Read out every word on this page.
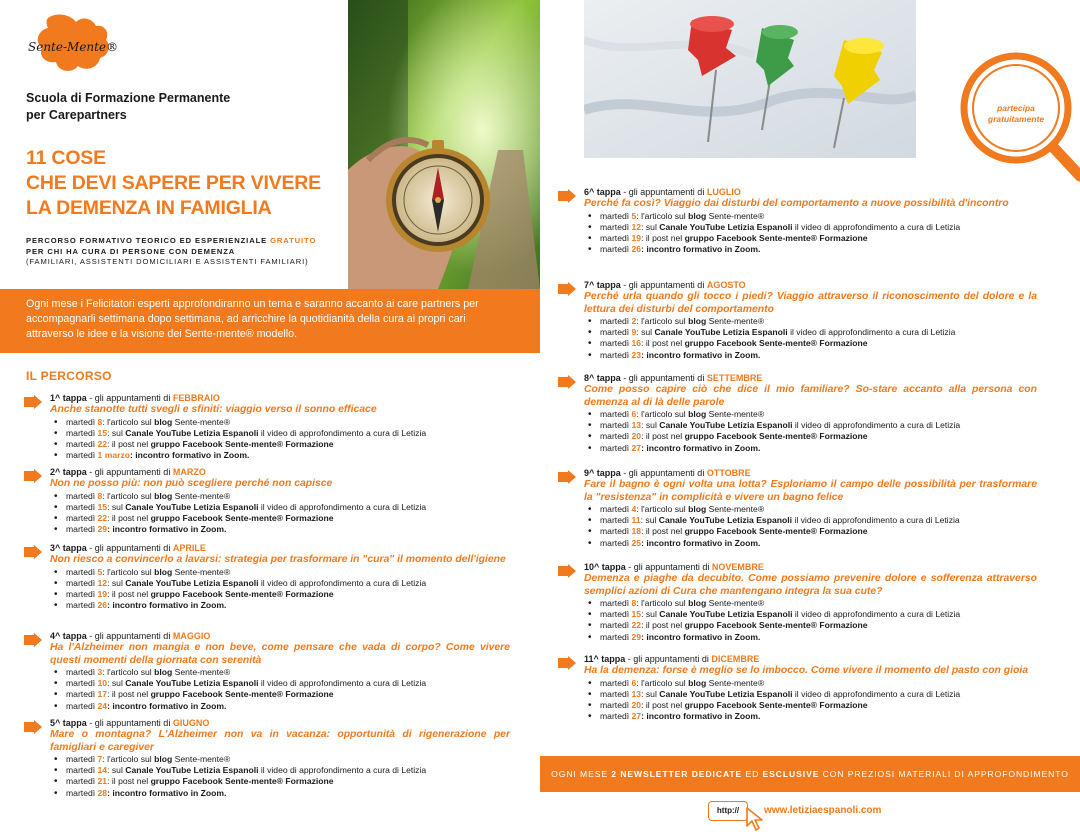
Sente-Mente®
Scuola di Formazione Permanente
per Carepartners
11 COSE
CHE DEVI SAPERE PER VIVERE
LA DEMENZA IN FAMIGLIA
PERCORSO FORMATIVO TEORICO ED ESPERIENZIALE GRATUITO
PER CHI HA CURA DI PERSONE CON DEMENZA
(FAMILIARI, ASSISTENTI DOMICILIARI E ASSISTENTI FAMILIARI)
Ogni mese i Felicitatori esperti approfondiranno un tema e saranno accanto ai care partners per accompagnarli settimana dopo settimana, ad arricchire la quotidianità della cura ai propri cari attraverso le idee e la visione dei Sente-mente® modello.
IL PERCORSO
1^ tappa - gli appuntamenti di FEBBRAIO
Anche stanotte tutti svegli e sfiniti: viaggio verso il sonno efficace
• martedì 8: l'articolo sul blog Sente-mente®
• martedì 15: sul Canale YouTube Letizia Espanoli il video di approfondimento a cura di Letizia
• martedì 22: il post nel gruppo Facebook Sente-mente® Formazione
• martedì 1 marzo: incontro formativo in Zoom.
2^ tappa - gli appuntamenti di MARZO
Non ne posso più: non può scegliere perché non capisce
• martedì 8: l'articolo sul blog Sente-mente®
• martedì 15: sul Canale YouTube Letizia Espanoli il video di approfondimento a cura di Letizia
• martedì 22: il post nel gruppo Facebook Sente-mente® Formazione
• martedì 29: incontro formativo in Zoom.
3^ tappa - gli appuntamenti di APRILE
Non riesco a convincerlo a lavarsi: strategia per trasformare in "cura" il momento dell'igiene
• martedì 5: l'articolo sul blog Sente-mente®
• martedì 12: sul Canale YouTube Letizia Espanoli il video di approfondimento a cura di Letizia
• martedì 19: il post nel gruppo Facebook Sente-mente® Formazione
• martedì 26: incontro formativo in Zoom.
4^ tappa - gli appuntamenti di MAGGIO
Ha l'Alzheimer non mangia e non beve, come pensare che vada di corpo? Come vivere questi momenti della giornata con serenità
• martedì 3: l'articolo sul blog Sente-mente®
• martedì 10: sul Canale YouTube Letizia Espanoli il video di approfondimento a cura di Letizia
• martedì 17: il post nel gruppo Facebook Sente-mente® Formazione
• martedì 24: incontro formativo in Zoom.
5^ tappa - gli appuntamenti di GIUGNO
Mare o montagna? L'Alzheimer non va in vacanza: opportunità di rigenerazione per famigliari e caregiver
• martedì 7: l'articolo sul blog Sente-mente®
• martedì 14: sul Canale YouTube Letizia Espanoli il video di approfondimento a cura di Letizia
• martedì 21: il post nel gruppo Facebook Sente-mente® Formazione
• martedì 28: incontro formativo in Zoom.
partecipa
gratuitamente
6^ tappa - gli appuntamenti di LUGLIO
Perché fa così? Viaggio dai disturbi del comportamento a nuove possibilità d'incontro
• martedì 5: l'articolo sul blog Sente-mente®
• martedì 12: sul Canale YouTube Letizia Espanoli il video di approfondimento a cura di Letizia
• martedì 19: il post nel gruppo Facebook Sente-mente® Formazione
• martedì 26: incontro formativo in Zoom.
7^ tappa - gli appuntamenti di AGOSTO
Perché urla quando gli tocco i piedi? Viaggio attraverso il riconoscimento del dolore e la lettura dei disturbi del comportamento
• martedì 2: l'articolo sul blog Sente-mente®
• martedì 9: sul Canale YouTube Letizia Espanoli il video di approfondimento a cura di Letizia
• martedì 16: il post nel gruppo Facebook Sente-mente® Formazione
• martedì 23: incontro formativo in Zoom.
8^ tappa - gli appuntamenti di SETTEMBRE
Come posso capire ciò che dice il mio familiare? So-stare accanto alla persona con demenza al di là delle parole
• martedì 6: l'articolo sul blog Sente-mente®
• martedì 13: sul Canale YouTube Letizia Espanoli il video di approfondimento a cura di Letizia
• martedì 20: il post nel gruppo Facebook Sente-mente® Formazione
• martedì 27: incontro formativo in Zoom.
9^ tappa - gli appuntamenti di OTTOBRE
Fare il bagno è ogni volta una lotta? Esploriamo il campo delle possibilità per trasformare la "resistenza" in complicità e vivere un bagno felice
• martedì 4: l'articolo sul blog Sente-mente®
• martedì 11: sul Canale YouTube Letizia Espanoli il video di approfondimento a cura di Letizia
• martedì 18: il post nel gruppo Facebook Sente-mente® Formazione
• martedì 25: incontro formativo in Zoom.
10^ tappa - gli appuntamenti di NOVEMBRE
Demenza e piaghe da decubito. Come possiamo prevenire dolore e sofferenza attraverso semplici azioni di Cura che mantengano integra la sua cute?
• martedì 8: l'articolo sul blog Sente-mente®
• martedì 15: sul Canale YouTube Letizia Espanoli il video di approfondimento a cura di Letizia
• martedì 22: il post nel gruppo Facebook Sente-mente® Formazione
• martedì 29: incontro formativo in Zoom.
11^ tappa - gli appuntamenti di DICEMBRE
Ha la demenza: forse è meglio se lo imbocco. Come vivere il momento del pasto con gioia
• martedì 6: l'articolo sul blog Sente-mente®
• martedì 13: sul Canale YouTube Letizia Espanoli il video di approfondimento a cura di Letizia
• martedì 20: il post nel gruppo Facebook Sente-mente® Formazione
• martedì 27: incontro formativo in Zoom.
OGNI MESE 2 NEWSLETTER DEDICATE ED ESCLUSIVE CON PREZIOSI MATERIALI DI APPROFONDIMENTO
http://	www.letiziaespanoli.com
